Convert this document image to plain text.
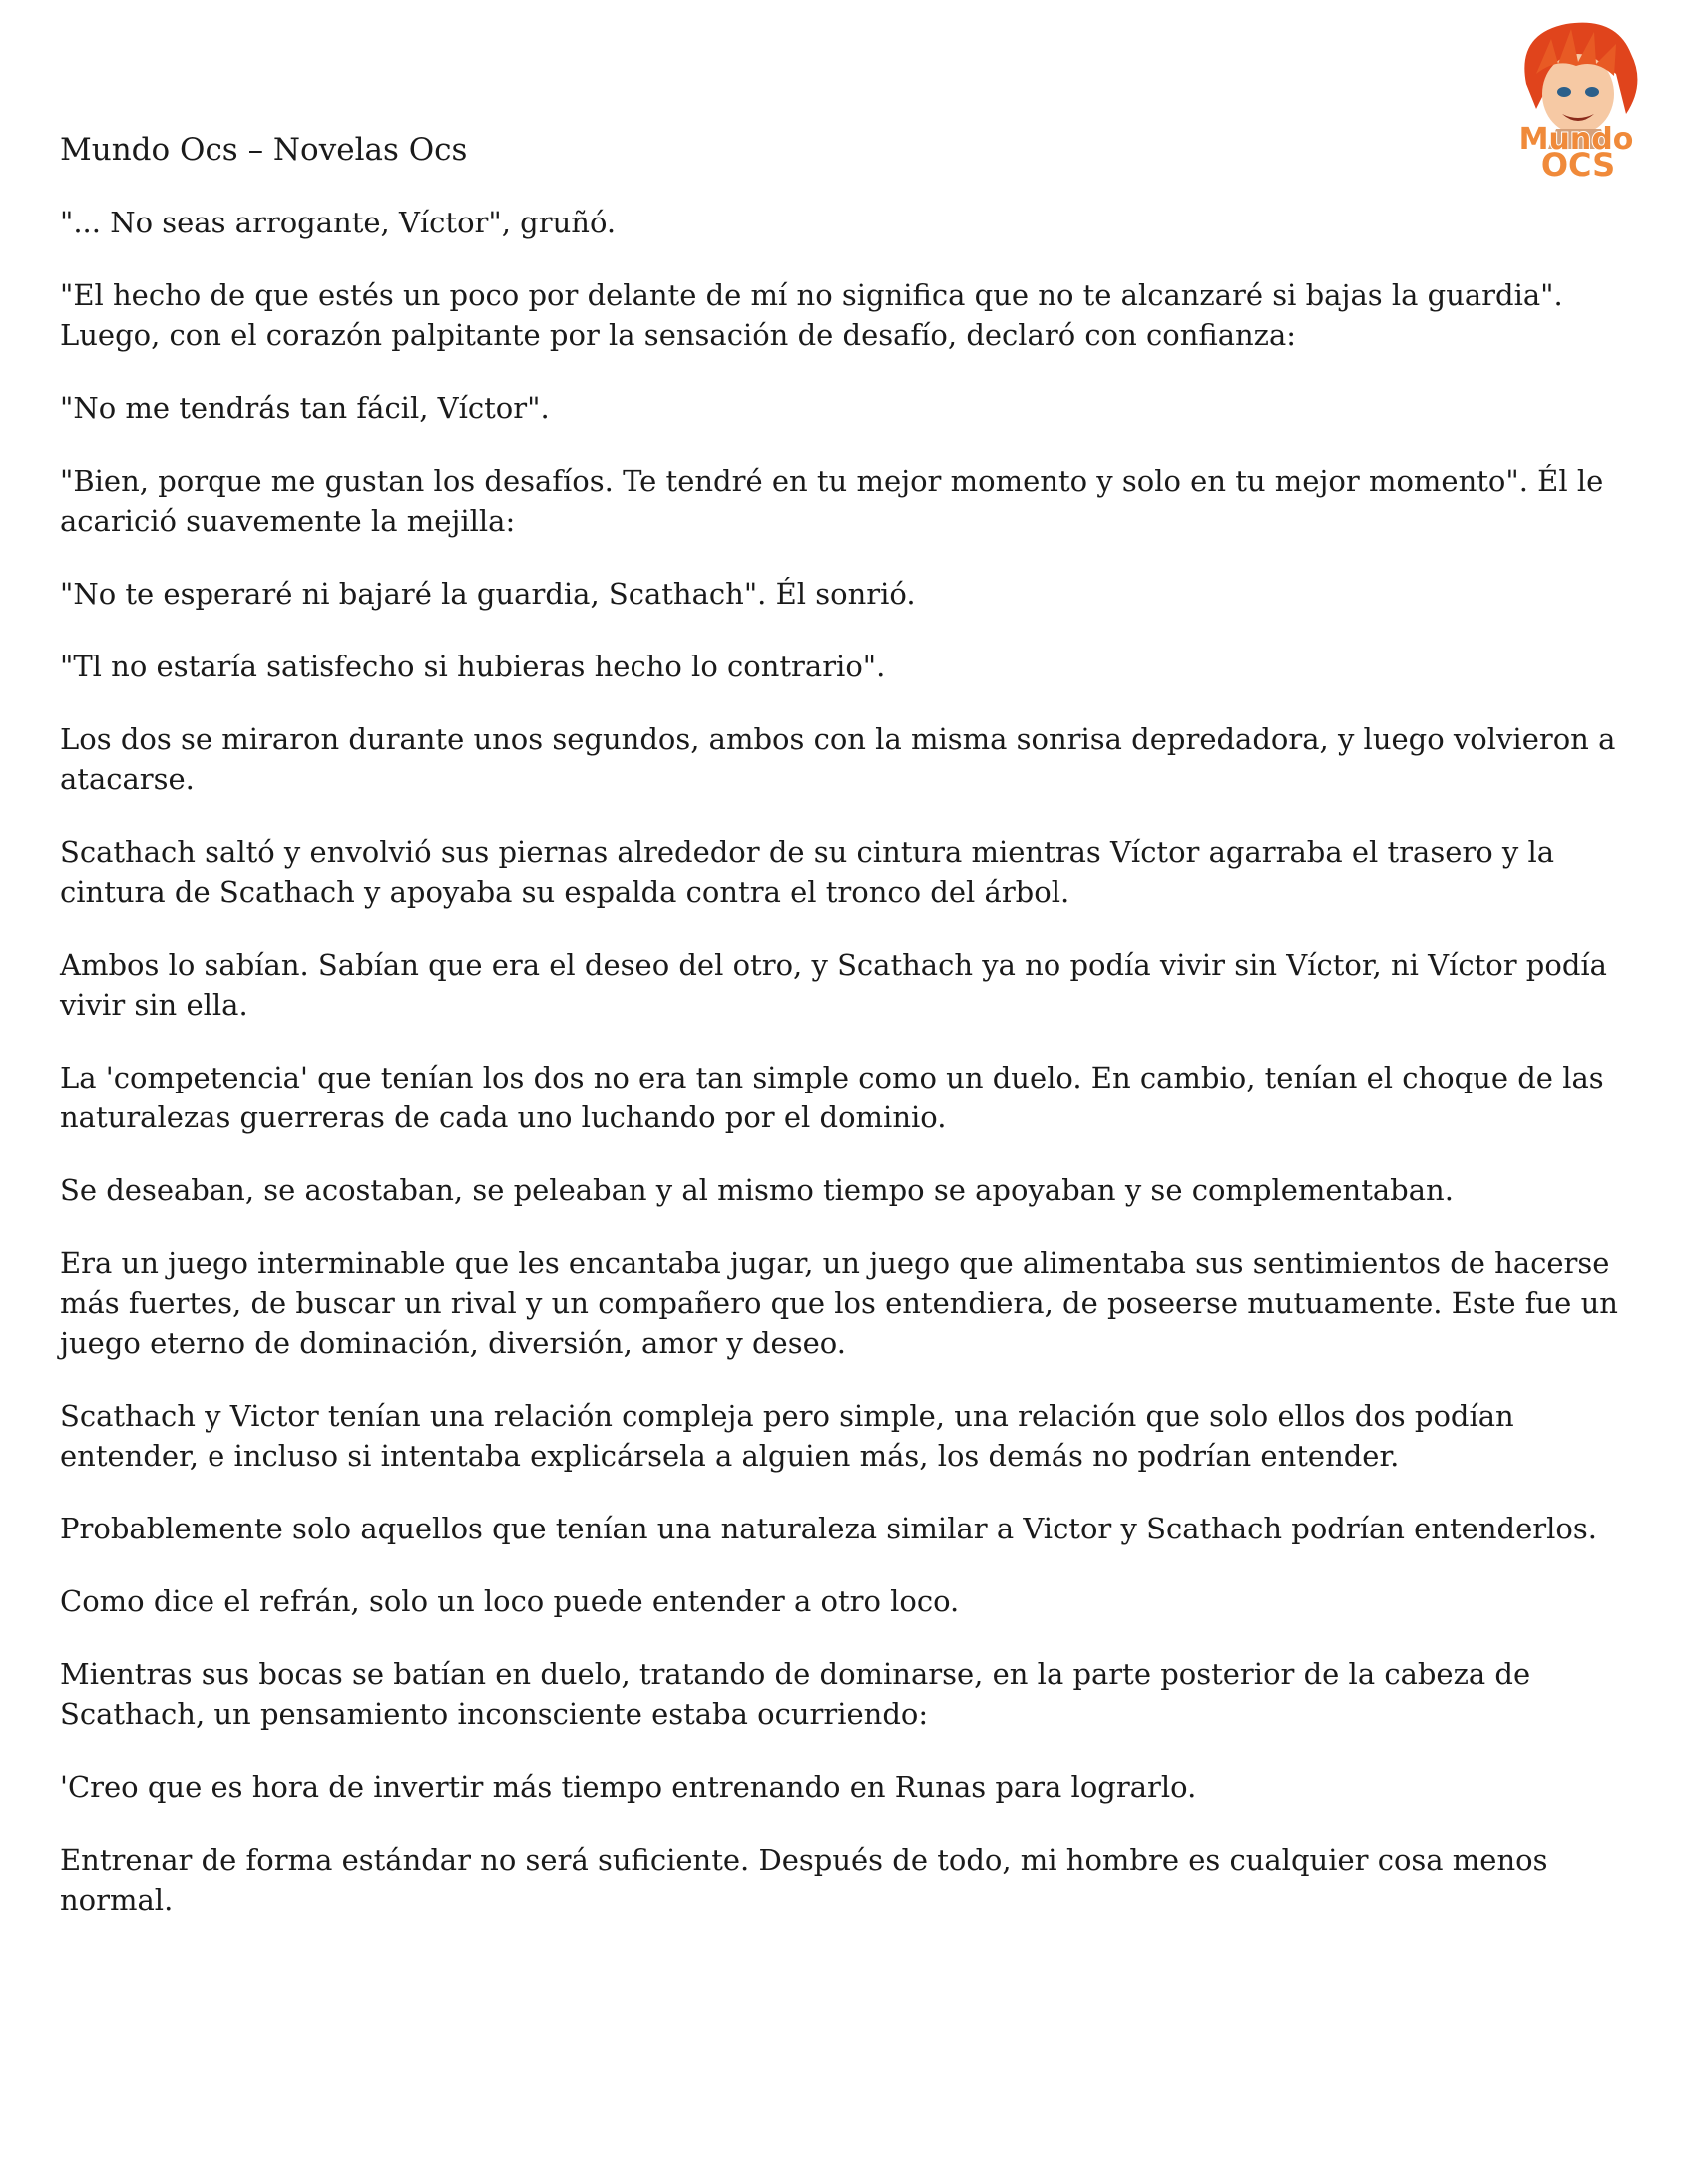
Mundo
OCS

Mundo Ocs – Novelas Ocs

"... No seas arrogante, Víctor", gruñó.

"El hecho de que estés un poco por delante de mí no significa que no te alcanzaré si bajas la guardia". Luego, con el corazón palpitante por la sensación de desafío, declaró con confianza:

"No me tendrás tan fácil, Víctor".

"Bien, porque me gustan los desafíos. Te tendré en tu mejor momento y solo en tu mejor momento". Él le acarició suavemente la mejilla:

"No te esperaré ni bajaré la guardia, Scathach". Él sonrió.

"Tl no estaría satisfecho si hubieras hecho lo contrario".

Los dos se miraron durante unos segundos, ambos con la misma sonrisa depredadora, y luego volvieron a atacarse.

Scathach saltó y envolvió sus piernas alrededor de su cintura mientras Víctor agarraba el trasero y la cintura de Scathach y apoyaba su espalda contra el tronco del árbol.

Ambos lo sabían. Sabían que era el deseo del otro, y Scathach ya no podía vivir sin Víctor, ni Víctor podía vivir sin ella.

La 'competencia' que tenían los dos no era tan simple como un duelo. En cambio, tenían el choque de las naturalezas guerreras de cada uno luchando por el dominio.

Se deseaban, se acostaban, se peleaban y al mismo tiempo se apoyaban y se complementaban.

Era un juego interminable que les encantaba jugar, un juego que alimentaba sus sentimientos de hacerse más fuertes, de buscar un rival y un compañero que los entendiera, de poseerse mutuamente. Este fue un juego eterno de dominación, diversión, amor y deseo.

Scathach y Victor tenían una relación compleja pero simple, una relación que solo ellos dos podían entender, e incluso si intentaba explicársela a alguien más, los demás no podrían entender.

Probablemente solo aquellos que tenían una naturaleza similar a Victor y Scathach podrían entenderlos.

Como dice el refrán, solo un loco puede entender a otro loco.

Mientras sus bocas se batían en duelo, tratando de dominarse, en la parte posterior de la cabeza de Scathach, un pensamiento inconsciente estaba ocurriendo:

'Creo que es hora de invertir más tiempo entrenando en Runas para lograrlo.

Entrenar de forma estándar no será suficiente. Después de todo, mi hombre es cualquier cosa menos normal.
